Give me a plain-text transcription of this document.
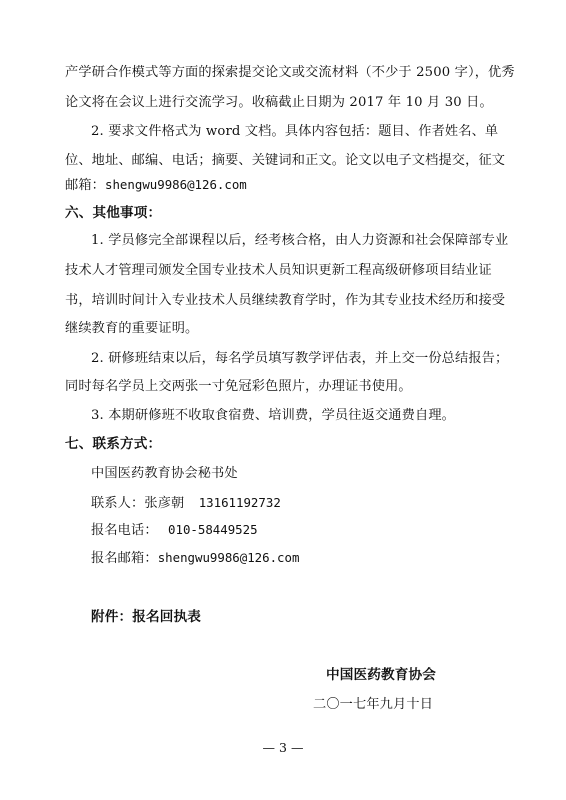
产学研合作模式等方面的探索提交论文或交流材料（不少于 2500 字），优秀
论文将在会议上进行交流学习。收稿截止日期为 2017 年 10 月 30 日。
2. 要求文件格式为 word 文档。具体内容包括：题目、作者姓名、单
位、地址、邮编、电话；摘要、关键词和正文。论文以电子文档提交，征文
邮箱：shengwu9986@126.com
六、其他事项：
1. 学员修完全部课程以后，经考核合格，由人力资源和社会保障部专业
技术人才管理司颁发全国专业技术人员知识更新工程高级研修项目结业证
书，培训时间计入专业技术人员继续教育学时，作为其专业技术经历和接受
继续教育的重要证明。
2. 研修班结束以后，每名学员填写教学评估表，并上交一份总结报告；
同时每名学员上交两张一寸免冠彩色照片，办理证书使用。
3. 本期研修班不收取食宿费、培训费，学员往返交通费自理。
七、联系方式：
中国医药教育协会秘书处
联系人：张彦朝 13161192732
报名电话： 010-58449525
报名邮箱：shengwu9986@126.com
附件：报名回执表
中国医药教育协会
二〇一七年九月十日
— 3 —
